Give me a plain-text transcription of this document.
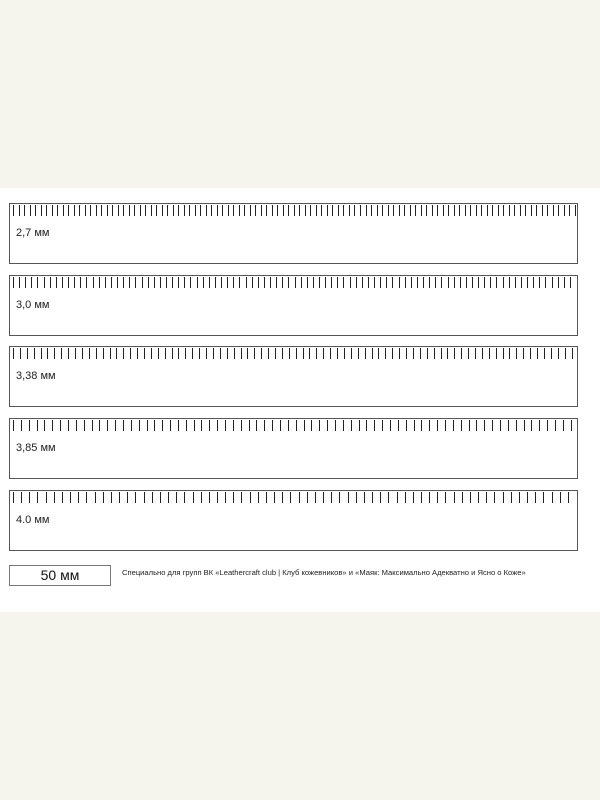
2,7 мм
3,0 мм
3,38 мм
3,85 мм
4.0 мм
50 мм	Специально для групп ВК «Leathercraft club | Клуб кожевников» и «Маяк: Максимально Адекватно и Ясно о Коже»
